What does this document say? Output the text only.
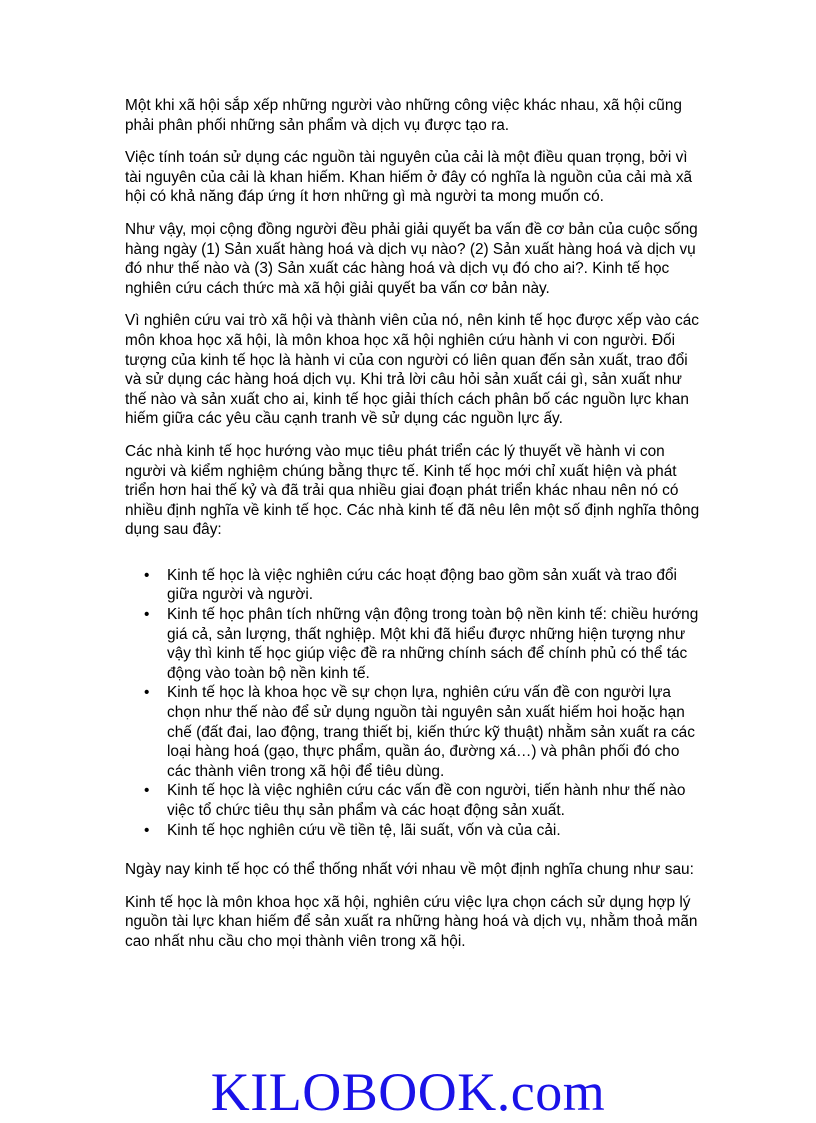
Một khi xã hội sắp xếp những người vào những công việc khác nhau, xã hội cũng phải phân phối những sản phẩm và dịch vụ được tạo ra.

Việc tính toán sử dụng các nguồn tài nguyên của cải là một điều quan trọng, bởi vì tài nguyên của cải là khan hiếm. Khan hiếm ở đây có nghĩa là nguồn của cải mà xã hội có khả năng đáp ứng ít hơn những gì mà người ta mong muốn có.

Như vậy, mọi cộng đồng người đều phải giải quyết ba vấn đề cơ bản của cuộc sống hàng ngày (1) Sản xuất hàng hoá và dịch vụ nào? (2) Sản xuất hàng hoá và dịch vụ đó như thế nào và (3) Sản xuất các hàng hoá và dịch vụ đó cho ai?. Kinh tế học nghiên cứu cách thức mà xã hội giải quyết ba vấn cơ bản này.

Vì nghiên cứu vai trò xã hội và thành viên của nó, nên kinh tế học được xếp vào các môn khoa học xã hội, là môn khoa học xã hội nghiên cứu hành vi con người. Đối tượng của kinh tế học là hành vi của con người có liên quan đến sản xuất, trao đổi và sử dụng các hàng hoá dịch vụ. Khi trả lời câu hỏi sản xuất cái gì, sản xuất như thế nào và sản xuất cho ai, kinh tế học giải thích cách phân bố các nguồn lực khan hiếm giữa các yêu cầu cạnh tranh về sử dụng các nguồn lực ấy.

Các nhà kinh tế học hướng vào mục tiêu phát triển các lý thuyết về hành vi con người và kiểm nghiệm chúng bằng thực tế. Kinh tế học mới chỉ xuất hiện và phát triển hơn hai thế kỷ và đã trải qua nhiều giai đoạn phát triển khác nhau nên nó có nhiều định nghĩa về kinh tế học. Các nhà kinh tế đã nêu lên một số định nghĩa thông dụng sau đây:

• Kinh tế học là việc nghiên cứu các hoạt động bao gồm sản xuất và trao đổi giữa người và người.
• Kinh tế học phân tích những vận động trong toàn bộ nền kinh tế: chiều hướng giá cả, sản lượng, thất nghiệp. Một khi đã hiểu được những hiện tượng như vậy thì kinh tế học giúp việc đề ra những chính sách để chính phủ có thể tác động vào toàn bộ nền kinh tế.
• Kinh tế học là khoa học về sự chọn lựa, nghiên cứu vấn đề con người lựa chọn như thế nào để sử dụng nguồn tài nguyên sản xuất hiếm hoi hoặc hạn chế (đất đai, lao động, trang thiết bị, kiến thức kỹ thuật) nhằm sản xuất ra các loại hàng hoá (gạo, thực phẩm, quần áo, đường xá…) và phân phối đó cho các thành viên trong xã hội để tiêu dùng.
• Kinh tế học là việc nghiên cứu các vấn đề con người, tiến hành như thế nào việc tổ chức tiêu thụ sản phẩm và các hoạt động sản xuất.
• Kinh tế học nghiên cứu về tiền tệ, lãi suất, vốn và của cải.

Ngày nay kinh tế học có thể thống nhất với nhau về một định nghĩa chung như sau:

Kinh tế học là môn khoa học xã hội, nghiên cứu việc lựa chọn cách sử dụng hợp lý nguồn tài lực khan hiếm để sản xuất ra những hàng hoá và dịch vụ, nhằm thoả mãn cao nhất nhu cầu cho mọi thành viên trong xã hội.

KILOBOOK.com
